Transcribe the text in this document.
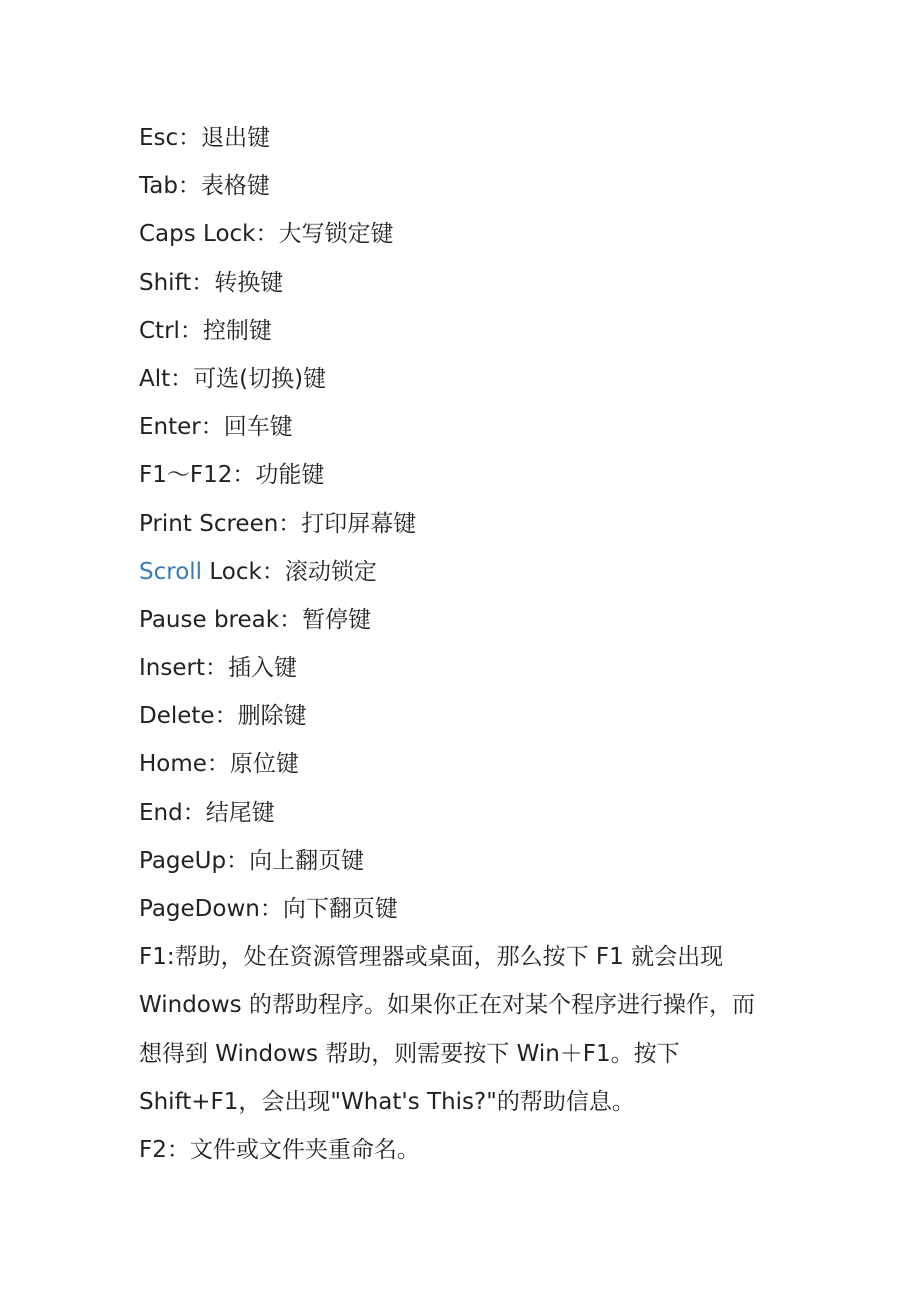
Esc：退出键
Tab：表格键
Caps Lock：大写锁定键
Shift：转换键
Ctrl：控制键
Alt：可选(切换)键
Enter：回车键
F1～F12：功能键
Print Screen：打印屏幕键
Scroll Lock：滚动锁定
Pause break：暂停键
Insert：插入键
Delete：删除键
Home：原位键
End：结尾键
PageUp：向上翻页键
PageDown：向下翻页键
F1:帮助，处在资源管理器或桌面，那么按下 F1 就会出现
Windows 的帮助程序。如果你正在对某个程序进行操作，而
想得到 Windows 帮助，则需要按下 Win＋F1。按下
Shift+F1，会出现"What's This?"的帮助信息。
F2：文件或文件夹重命名。
